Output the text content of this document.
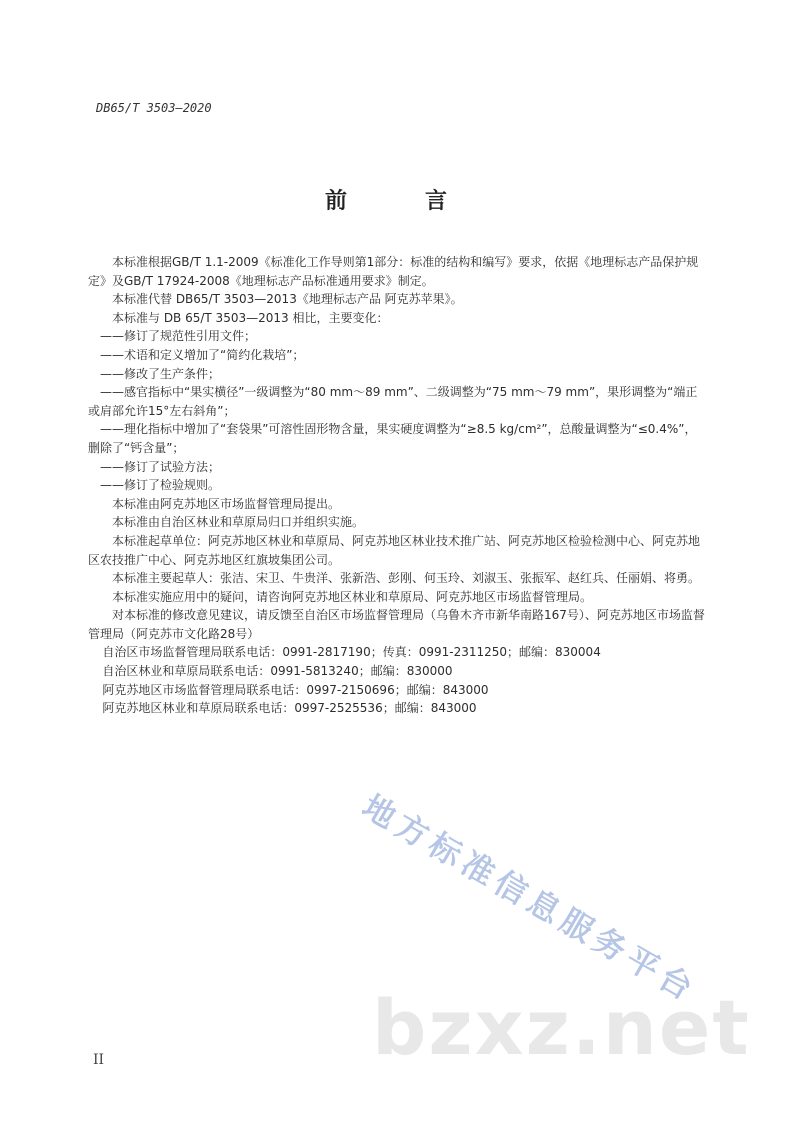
DB65/T 3503—2020
前　言

本标准根据GB/T 1.1-2009《标准化工作导则第1部分：标准的结构和编写》要求，依据《地理标志产品保护规定》及GB/T 17924-2008《地理标志产品标准通用要求》制定。

本标准代替 DB65/T 3503—2013《地理标志产品 阿克苏苹果》。

本标准与 DB 65/T 3503—2013 相比，主要变化：

——修订了规范性引用文件；

——术语和定义增加了“简约化栽培”；

——修改了生产条件；

——感官指标中“果实横径”一级调整为“80 mm～89 mm”、二级调整为“75 mm～79 mm”，果形调整为“端正或肩部允许15°左右斜角”；

——理化指标中增加了“套袋果”可溶性固形物含量，果实硬度调整为“≥8.5 kg/cm²”，总酸量调整为“≤0.4%”，删除了“钙含量”；

——修订了试验方法；

——修订了检验规则。

本标准由阿克苏地区市场监督管理局提出。

本标准由自治区林业和草原局归口并组织实施。

本标准起草单位：阿克苏地区林业和草原局、阿克苏地区林业技术推广站、阿克苏地区检验检测中心、阿克苏地区农技推广中心、阿克苏地区红旗坡集团公司。

本标准主要起草人：张洁、宋卫、牛贵洋、张新浩、彭刚、何玉玲、刘淑玉、张振军、赵红兵、任丽娟、将勇。

本标准实施应用中的疑问，请咨询阿克苏地区林业和草原局、阿克苏地区市场监督管理局。

对本标准的修改意见建议，请反馈至自治区市场监督管理局（乌鲁木齐市新华南路167号）、阿克苏地区市场监督管理局（阿克苏市文化路28号）

自治区市场监督管理局联系电话：0991-2817190；传真：0991-2311250；邮编：830004

自治区林业和草原局联系电话：0991-5813240；邮编：830000

阿克苏地区市场监督管理局联系电话：0997-2150696；邮编：843000

阿克苏地区林业和草原局联系电话：0997-2525536；邮编：843000

地方标准信息服务平台
bzxz.net
II
